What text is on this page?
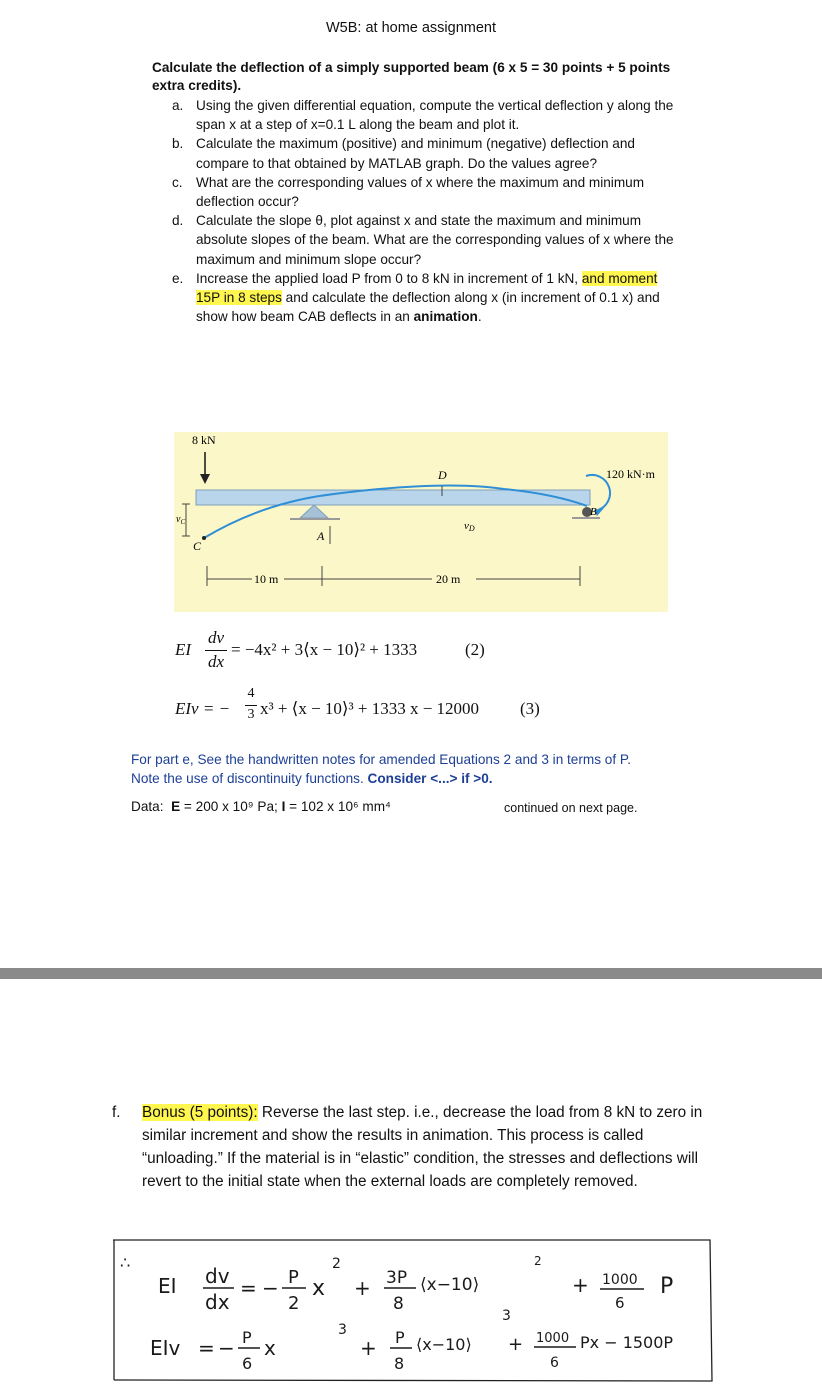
W5B: at home assignment
Calculate the deflection of a simply supported beam (6 x 5 = 30 points + 5 points extra credits).
a. Using the given differential equation, compute the vertical deflection y along the span x at a step of x=0.1 L along the beam and plot it.
b. Calculate the maximum (positive) and minimum (negative) deflection and compare to that obtained by MATLAB graph. Do the values agree?
c. What are the corresponding values of x where the maximum and minimum deflection occur?
d. Calculate the slope θ, plot against x and state the maximum and minimum absolute slopes of the beam. What are the corresponding values of x where the maximum and minimum slope occur?
e. Increase the applied load P from 0 to 8 kN in increment of 1 kN, and moment 15P in 8 steps and calculate the deflection along x (in increment of 0.1 x) and show how beam CAB deflects in an animation.
8 kN
120 kN·m
D
vD
B
A
C
$v_C$
10 m	20 m
EI
dv
dx
= −4x² + 3⟨x − 10⟩² + 1333	(2)
EIv = −
4
3 x³ + ⟨x − 10⟩³ + 1333 x − 12000 (3)
For part e, See the handwritten notes for amended Equations 2 and 3 in terms of P. Note the use of discontinuity functions. Consider <...> if >0.
Data: E = 200 x 10⁹ Pa; I = 102 x 10⁶ mm⁴	continued on next page.
f. Bonus (5 points): Reverse the last step. i.e., decrease the load from 8 kN to zero in similar increment and show the results in animation. This process is called “unloading.” If the material is in “elastic” condition, the stresses and deflections will revert to the initial state when the external loads are completely removed.
∴
EI dv
dx
= − P
2
x
2
+ 3P
8
⟨x−10⟩
2
+ 1000
6
P
EIv = − P
6
x
3
+ P
8
⟨x−10⟩
3
+ 1000
6
Px − 1500P
